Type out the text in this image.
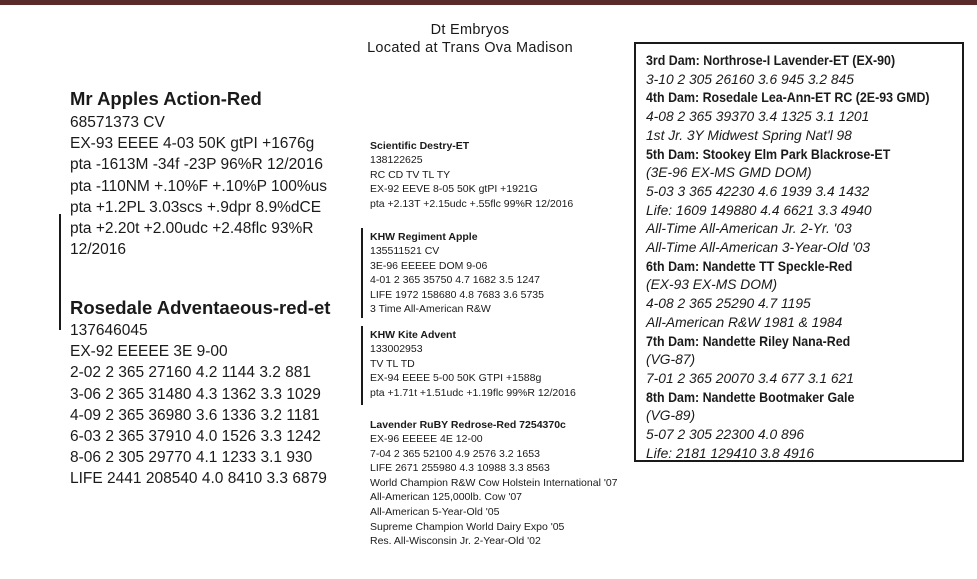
Dt Embryos
Located at Trans Ova Madison
Mr Apples Action-Red
68571373 CV
EX-93 EEEE 4-03 50K gtPI +1676g
pta -1613M -34f -23P 96%R 12/2016
pta -110NM +.10%F +.10%P 100%us
pta +1.2PL 3.03scs +.9dpr 8.9%dCE
pta +2.20t +2.00udc +2.48flc 93%R
12/2016
Rosedale Adventaeous-red-et
137646045
EX-92 EEEEE 3E 9-00
2-02 2 365 27160 4.2 1144 3.2 881
3-06 2 365 31480 4.3 1362 3.3 1029
4-09 2 365 36980 3.6 1336 3.2 1181
6-03 2 365 37910 4.0 1526 3.3 1242
8-06 2 305 29770 4.1 1233 3.1 930
LIFE 2441 208540 4.0 8410 3.3 6879
Scientific Destry-ET
138122625
RC CD TV TL TY
EX-92 EEVE 8-05 50K gtPI +1921G
pta +2.13T +2.15udc +.55flc 99%R 12/2016
KHW Regiment Apple
135511521 CV
3E-96 EEEEE DOM 9-06
4-01 2 365 35750 4.7 1682 3.5 1247
LIFE 1972 158680 4.8 7683 3.6 5735
3 Time All-American R&W
KHW Kite Advent
133002953
TV TL TD
EX-94 EEEE 5-00 50K GTPI +1588g
pta +1.71t +1.51udc +1.19flc 99%R 12/2016
Lavender RuBY Redrose-Red 7254370c
EX-96 EEEEE 4E 12-00
7-04 2 365 52100 4.9 2576 3.2 1653
LIFE 2671 255980 4.3 10988 3.3 8563
World Champion R&W Cow Holstein International '07
All-American 125,000lb. Cow '07
All-American 5-Year-Old '05
Supreme Champion World Dairy Expo '05
Res. All-Wisconsin Jr. 2-Year-Old '02
3rd Dam: Northrose-I Lavender-ET (EX-90)
3-10 2 305 26160 3.6 945 3.2 845
4th Dam: Rosedale Lea-Ann-ET RC (2E-93 GMD)
4-08 2 365 39370 3.4 1325 3.1 1201
1st Jr. 3Y Midwest Spring Nat'l 98
5th Dam: Stookey Elm Park Blackrose-ET
(3E-96 EX-MS GMD DOM)
5-03 3 365 42230 4.6 1939 3.4 1432
Life: 1609 149880 4.4 6621 3.3 4940
All-Time All-American Jr. 2-Yr. '03
All-Time All-American 3-Year-Old '03
6th Dam: Nandette TT Speckle-Red
(EX-93 EX-MS DOM)
4-08 2 365 25290 4.7 1195
All-American R&W 1981 & 1984
7th Dam: Nandette Riley Nana-Red
(VG-87)
7-01 2 365 20070 3.4 677 3.1 621
8th Dam: Nandette Bootmaker Gale
(VG-89)
5-07 2 305 22300 4.0 896
Life: 2181 129410 3.8 4916
